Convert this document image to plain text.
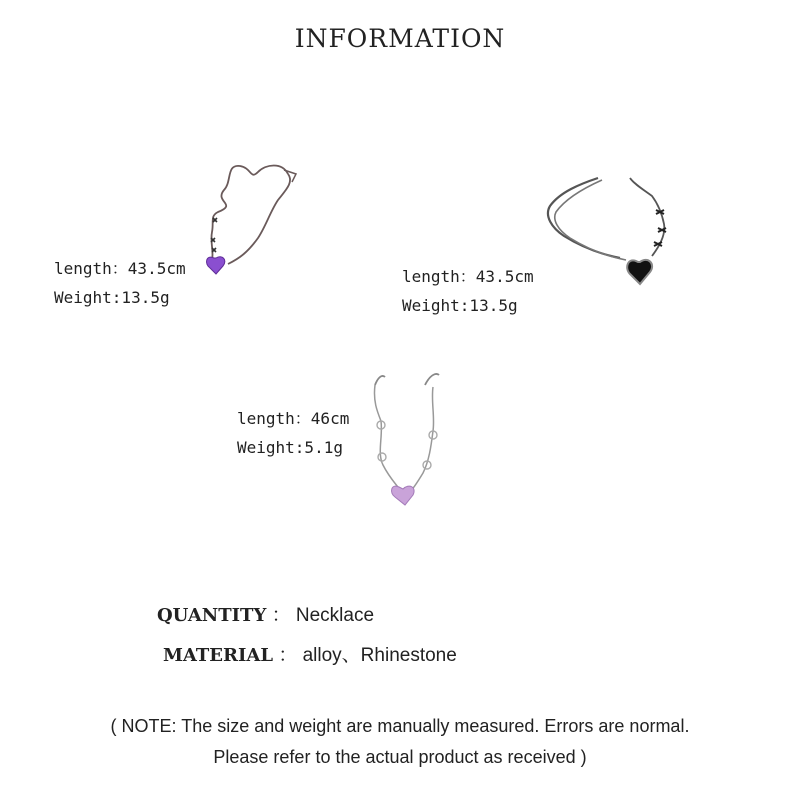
INFORMATION
length：43.5cm
Weight:13.5g
length：43.5cm
Weight:13.5g
length：46cm
Weight:5.1g
QUANTITY ： Necklace
MATERIAL ： alloy、Rhinestone
( NOTE: The size and weight are manually measured. Errors are normal.
Please refer to the actual product as received )
